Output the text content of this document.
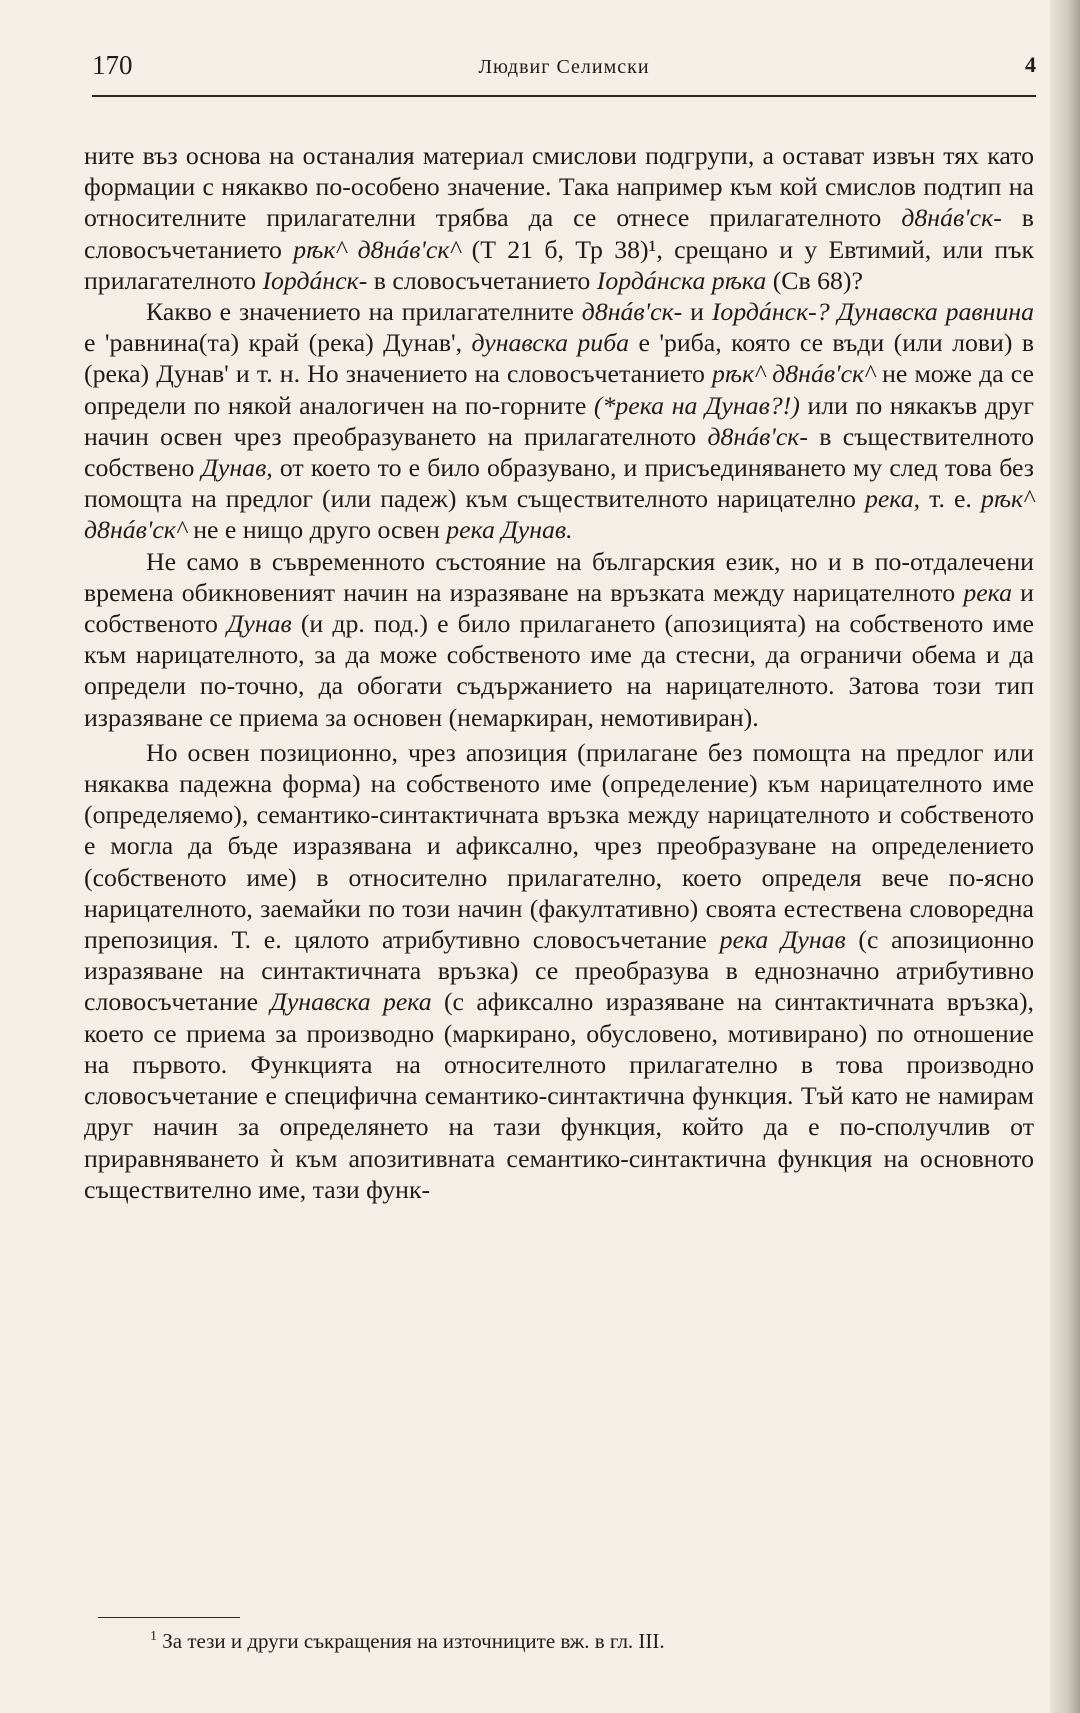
170	Людвиг Селимски	4

ните въз основа на останалия материал смислови подгрупи, а остават извън тях като формации с някакво по-особено значение. Така например към кой смислов подтип на относителните прилагателни трябва да се отнесе прилагателното д8нáв'ск- в словосъчетанието рѣк^ д8нáв'ск^ (Т 21 б, Тр 38)¹, срещано и у Евтимий, или пък прилагателното Iордáнск- в словосъчетанието Iордáнска рѣка (Св 68)?

Какво е значението на прилагателните д8нáв'ск- и Iордáнск-? Дунавска равнина е 'равнина(та) край (река) Дунав', дунавска риба е 'риба, която се въди (или лови) в (река) Дунав' и т. н. Но значението на словосъчетанието рѣк^ д8нáв'ск^ не може да се определи по някой аналогичен на по-горните (*река на Дунав?!) или по някакъв друг начин освен чрез преобразуването на прилагателното д8нáв'ск- в съществителното собствено Дунав, от което то е било образувано, и присъединяването му след това без помощта на предлог (или падеж) към съществителното нарицателно река, т. е. рѣк^ д8нáв'ск^ не е нищо друго освен река Дунав.

Не само в съвременното състояние на българския език, но и в по-отдалечени времена обикновеният начин на изразяване на връзката между нарицателното река и собственото Дунав (и др. под.) е било прилагането (апозицията) на собственото име към нарицателното, за да може собственото име да стесни, да ограничи обема и да определи по-точно, да обогати съдържанието на нарицателното. Затова този тип изразяване се приема за основен (немаркиран, немотивиран).

Но освен позиционно, чрез апозиция (прилагане без помощта на предлог или някаква падежна форма) на собственото име (определение) към нарицателното име (определяемо), семантико-синтактичната връзка между нарицателното и собственото е могла да бъде изразявана и афиксално, чрез преобразуване на определението (собственото име) в относително прилагателно, което определя вече по-ясно нарицателното, заемайки по този начин (факултативно) своята естествена словоредна препозиция. Т. е. цялото атрибутивно словосъчетание река Дунав (с апозиционно изразяване на синтактичната връзка) се преобразува в еднозначно атрибутивно словосъчетание Дунавска река (с афиксално изразяване на синтактичната връзка), което се приема за производно (маркирано, обусловено, мотивирано) по отношение на първото. Функцията на относителното прилагателно в това производно словосъчетание е специфична семантико-синтактична функция. Тъй като не намирам друг начин за определянето на тази функция, който да е по-сполучлив от приравняването ѝ към апозитивната семантико-синтактична функция на основното съществително име, тази функ-

$^1$ За тези и други съкращения на източниците вж. в гл. III.
